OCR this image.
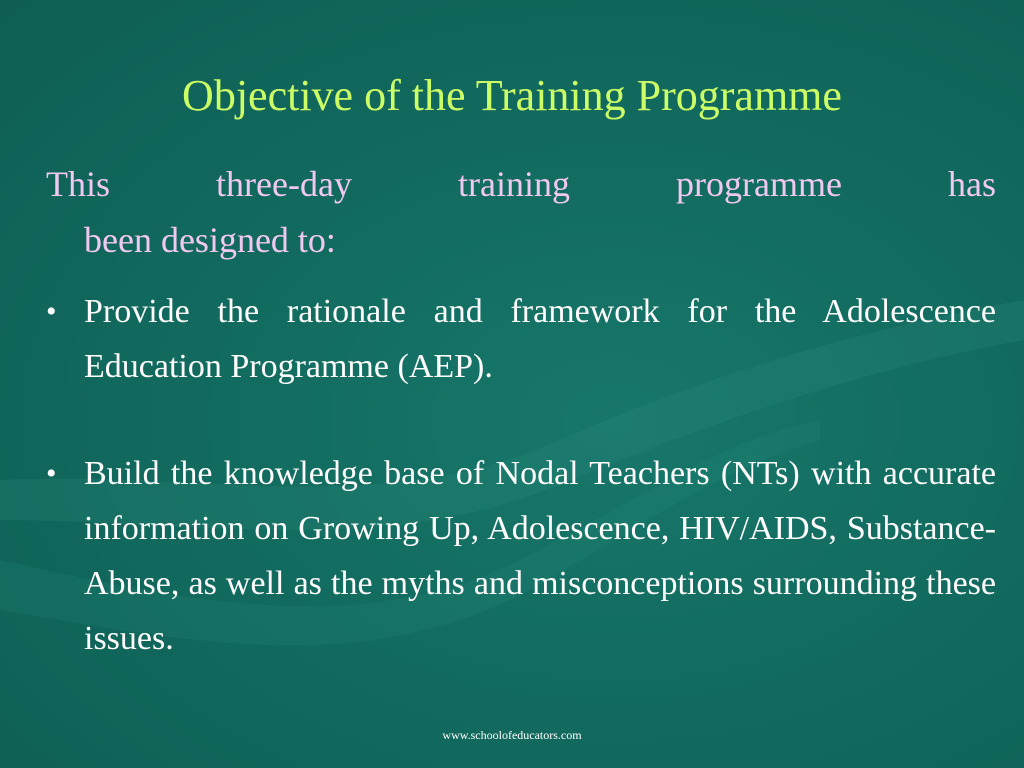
Objective of the Training Programme
This three-day training programme has
been designed to:
• Provide the rationale and framework for the Adolescence Education Programme (AEP).
• Build the knowledge base of Nodal Teachers (NTs) with accurate information on Growing Up, Adolescence, HIV/AIDS, Substance-Abuse, as well as the myths and misconceptions surrounding these issues.
www.schoolofeducators.com
